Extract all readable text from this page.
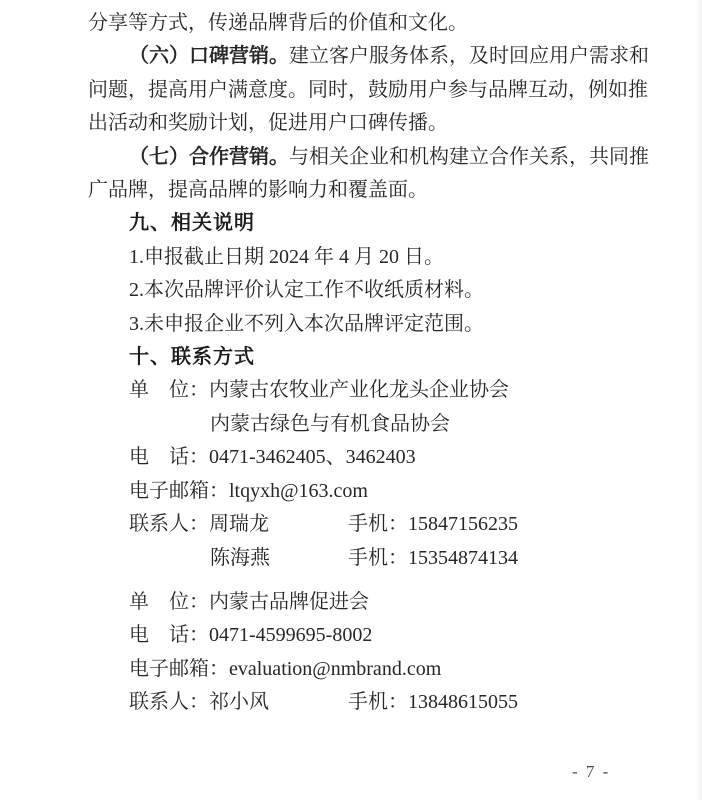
分享等方式，传递品牌背后的价值和文化。
（六）口碑营销。建立客户服务体系，及时回应用户需求和
问题，提高用户满意度。同时，鼓励用户参与品牌互动，例如推
出活动和奖励计划，促进用户口碑传播。
（七）合作营销。与相关企业和机构建立合作关系，共同推
广品牌，提高品牌的影响力和覆盖面。
九、相关说明
1.申报截止日期 2024 年 4 月 20 日。
2.本次品牌评价认定工作不收纸质材料。
3.未申报企业不列入本次品牌评定范围。
十、联系方式
单　位：内蒙古农牧业产业化龙头企业协会
内蒙古绿色与有机食品协会
电　话：0471-3462405、3462403
电子邮箱：ltqyxh@163.com
联系人：周瑞龙	手机：15847156235
陈海燕	手机：15354874134
单　位：内蒙古品牌促进会
电　话：0471-4599695-8002
电子邮箱：evaluation@nmbrand.com
联系人：祁小风	手机：13848615055
- 7 -
